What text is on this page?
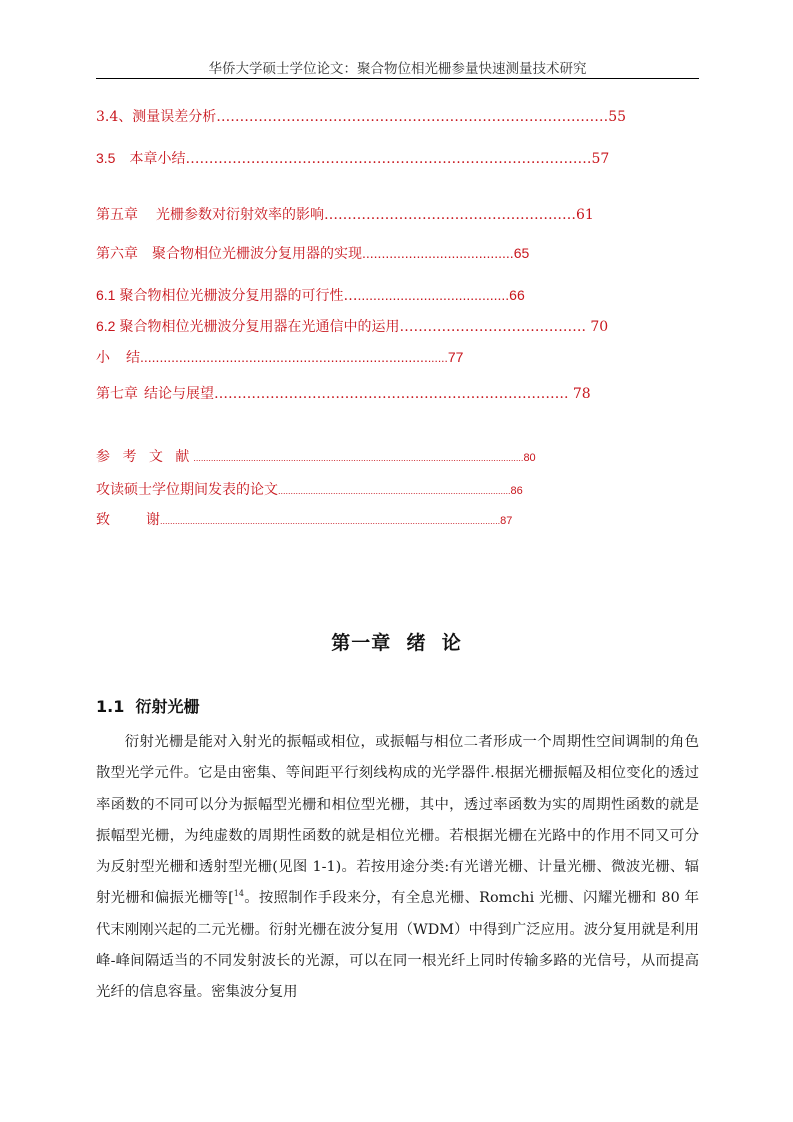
华侨大学硕士学位论文：聚合物位相光栅参量快速测量技术研究
3.4、测量误差分析…………………………………………………………………………55
3.5 本章小结……………………………………………………………………………57
第五章 光栅参数对衍射效率的影响………………………………………………61
第六章 聚合物相位光栅波分复用器的实现.......................................65
6.1 聚合物相位光栅波分复用器的可行性….......................................66
6.2 聚合物相位光栅波分复用器在光通信中的运用…………………………………. 70
小 结................................................................................77
第七章 结论与展望…………………………………………………………………. 78
参 考 文 献....................................................................................................................................80
攻读硕士学位期间发表的论文.............................................................................................86
致	谢........................................................................................................................................87
第一章  绪  论
1.1  衍射光栅

衍射光栅是能对入射光的振幅或相位，或振幅与相位二者形成一个周期性空间调制的角色散型光学元件。它是由密集、等间距平行刻线构成的光学器件.根据光栅振幅及相位变化的透过率函数的不同可以分为振幅型光栅和相位型光栅，其中，透过率函数为实的周期性函数的就是振幅型光栅，为纯虚数的周期性函数的就是相位光栅。若根据光栅在光路中的作用不同又可分为反射型光栅和透射型光栅(见图 1-1)。若按用途分类:有光谱光栅、计量光栅、微波光栅、辐射光栅和偏振光栅等[$^{14}$。按照制作手段来分，有全息光栅、Romchi 光栅、闪耀光栅和 80 年代末刚刚兴起的二元光栅。衍射光栅在波分复用（WDM）中得到广泛应用。波分复用就是利用峰-峰间隔适当的不同发射波长的光源，可以在同一根光纤上同时传输多路的光信号，从而提高光纤的信息容量。密集波分复用
